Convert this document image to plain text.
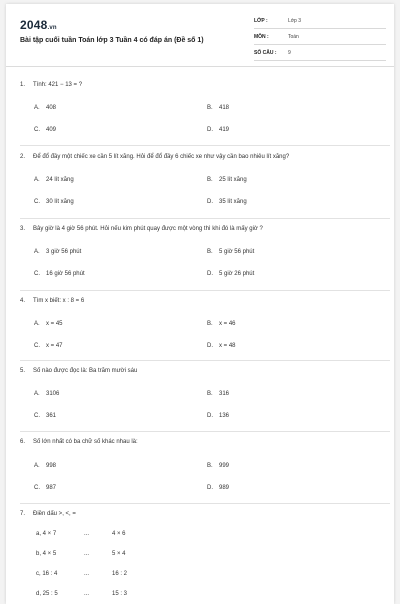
2048.vn
Bài tập cuối tuần Toán lớp 3 Tuần 4 có đáp án (Đề số 1)
LỚP :	Lớp 3
MÔN :	Toán
SỐ CÂU : 9
1. Tính: 421 − 13 = ?
A. 408	B. 418
C. 409	D. 419
2. Để đổ đầy một chiếc xe cần 5 lít xăng. Hỏi để đổ đầy 6 chiếc xe như vậy cần bao nhiêu lít xăng?
A. 24 lít xăng	B. 25 lít xăng
C. 30 lít xăng	D. 35 lít xăng
3. Bây giờ là 4 giờ 56 phút. Hỏi nếu kim phút quay được một vòng thì khi đó là mấy giờ ?
A. 3 giờ 56 phút	B. 5 giờ 56 phút
C. 16 giờ 56 phút	D. 5 giờ 26 phút
4. Tìm x biết: x : 8 = 6
A. x = 45	B. x = 46
C. x = 47	D. x = 48
5. Số nào được đọc là: Ba trăm mười sáu
A. 3106	B. 316
C. 361	D. 136
6. Số lớn nhất có ba chữ số khác nhau là:
A. 998	B. 999
C. 987	D. 989
7. Điền dấu >, <, =
a, 4 × 7	...	4 × 6
b, 4 × 5	...	5 × 4
c, 16 : 4	...	16 : 2
d, 25 : 5	...	15 : 3
